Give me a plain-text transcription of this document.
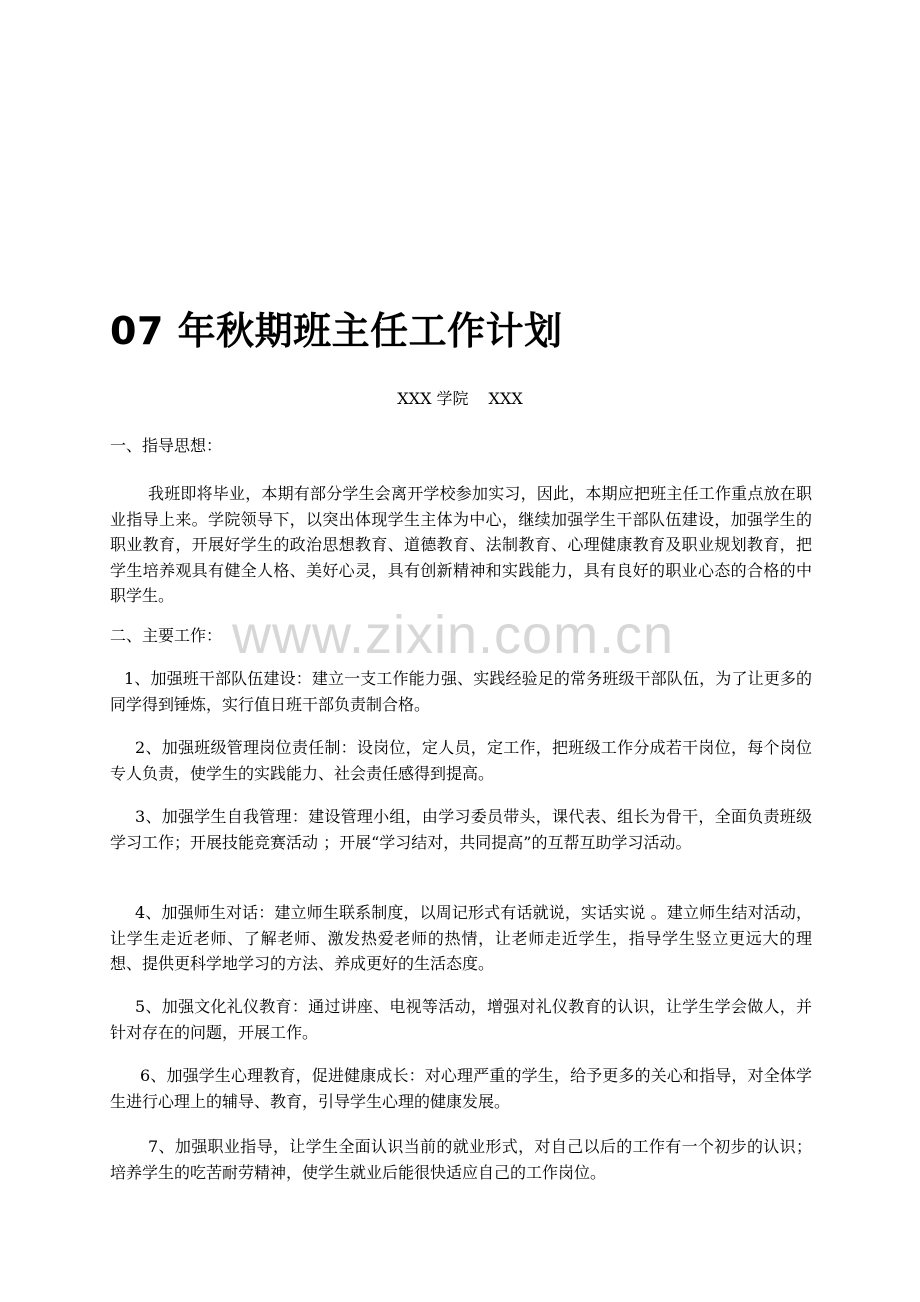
07 年秋期班主任工作计划
XXX 学院 XXX
一、指导思想：
我班即将毕业，本期有部分学生会离开学校参加实习，因此，本期应把班主任工作重点放在职业指导上来。学院领导下，以突出体现学生主体为中心，继续加强学生干部队伍建设，加强学生的职业教育，开展好学生的政治思想教育、道德教育、法制教育、心理健康教育及职业规划教育，把学生培养观具有健全人格、美好心灵，具有创新精神和实践能力，具有良好的职业心态的合格的中职学生。
www.zixin.com.cn
二、主要工作：
1、加强班干部队伍建设：建立一支工作能力强、实践经验足的常务班级干部队伍，为了让更多的同学得到锤炼，实行值日班干部负责制合格。
2、加强班级管理岗位责任制：设岗位，定人员，定工作，把班级工作分成若干岗位，每个岗位专人负责，使学生的实践能力、社会责任感得到提高。
3、加强学生自我管理：建设管理小组，由学习委员带头，课代表、组长为骨干，全面负责班级学习工作；开展技能竞赛活动 ；开展“学习结对，共同提高”的互帮互助学习活动。
4、加强师生对话：建立师生联系制度，以周记形式有话就说，实话实说 。建立师生结对活动，让学生走近老师、了解老师、激发热爱老师的热情，让老师走近学生，指导学生竖立更远大的理想、提供更科学地学习的方法、养成更好的生活态度。
5、加强文化礼仪教育：通过讲座、电视等活动，增强对礼仪教育的认识，让学生学会做人，并针对存在的问题，开展工作。
6、加强学生心理教育，促进健康成长：对心理严重的学生，给予更多的关心和指导，对全体学生进行心理上的辅导、教育，引导学生心理的健康发展。
7、加强职业指导，让学生全面认识当前的就业形式，对自己以后的工作有一个初步的认识；培养学生的吃苦耐劳精神，使学生就业后能很快适应自己的工作岗位。
